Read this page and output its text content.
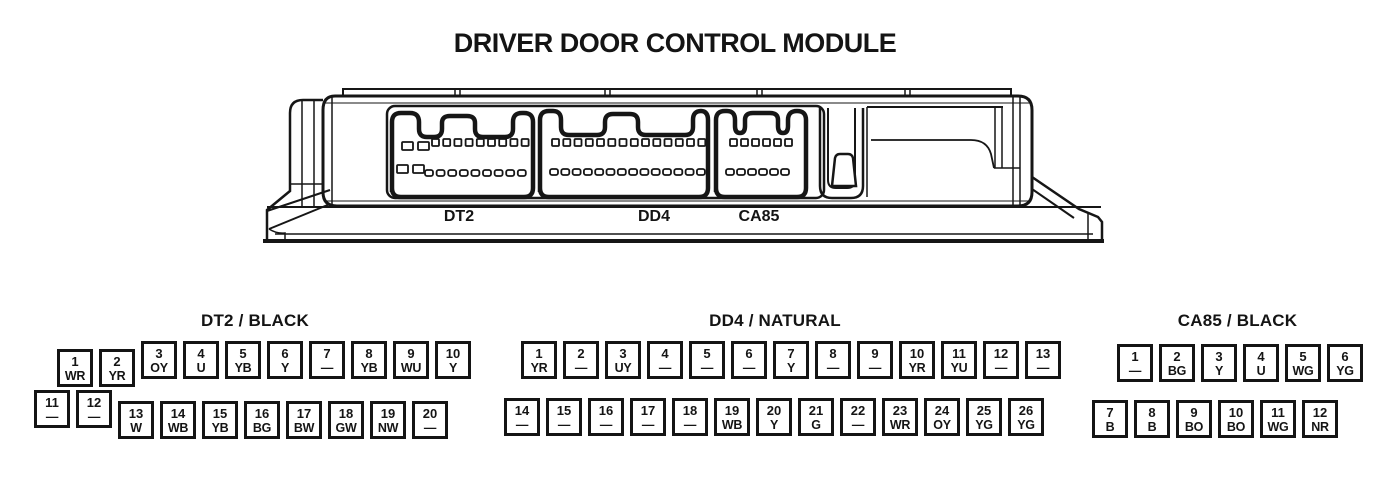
DRIVER DOOR CONTROL MODULE
DT2	DD4	CA85
DT2 / BLACK
1
WR
2
YR
3
OY
4
U
5
YB
6
Y
7
—
8
YB
9
WU
10
Y
11
—
12
—	13
W
14
WB
15
YB
16
BG
17
BW
18
GW
19
NW
20
—
DD4 / NATURAL
1
YR
2
—
3
UY
4
—
5
—
6
—
7
Y
8
—
9
—
10
YR
11
YU
12
—
13
—
14
—
15
—
16
—
17
—
18
—
19
WB
20
Y
21
G
22
—
23
WR
24
OY
25
YG
26
YG
CA85 / BLACK
1
—
2
BG
3
Y
4
U
5
WG
6
YG
7
B
8
B
9
BO
10
BO
11
WG
12
NR
